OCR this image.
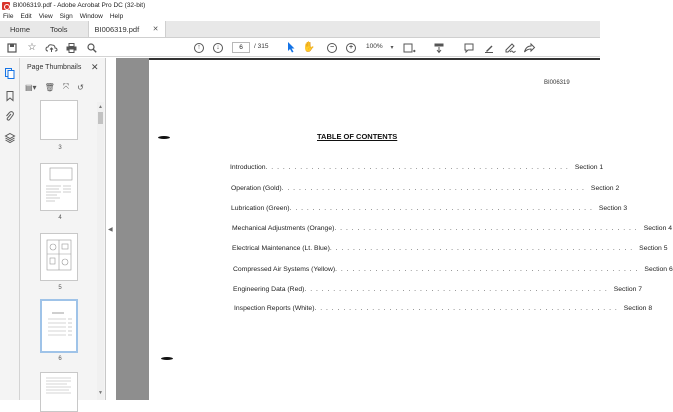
BI006319.pdf - Adobe Acrobat Pro DC (32-bit)
File Edit View Sign Window Help
Home	Tools	BI006319.pdf ✕
☆	↑	↓	6	/ 315	✋	−	+	100%	▾
Page Thumbnails ✕
▤▾ 🗑 ⤧ ↺
3
4
5
6
▲
▼
◀
BI006319
TABLE OF CONTENTS
Introduction . . . . . . . . . . . . . . . . . . . . . . . . . . . . . . . . . . . . . . . . . . . . . . . . . . . . . Section 1
Operation (Gold) . . . . . . . . . . . . . . . . . . . . . . . . . . . . . . . . . . . . . . . . . . . . . . . . . . . . . Section 2
Lubrication (Green) . . . . . . . . . . . . . . . . . . . . . . . . . . . . . . . . . . . . . . . . . . . . . . . . . . . . . Section 3
Mechanical Adjustments (Orange) . . . . . . . . . . . . . . . . . . . . . . . . . . . . . . . . . . . . . . . . . . . . . . . . . . . . . Section 4
Electrical Maintenance (Lt. Blue) . . . . . . . . . . . . . . . . . . . . . . . . . . . . . . . . . . . . . . . . . . . . . . . . . . . . . Section 5
Compressed Air Systems (Yellow) . . . . . . . . . . . . . . . . . . . . . . . . . . . . . . . . . . . . . . . . . . . . . . . . . . . . . Section 6
Engineering Data (Red) . . . . . . . . . . . . . . . . . . . . . . . . . . . . . . . . . . . . . . . . . . . . . . . . . . . . . Section 7
Inspection Reports (White) . . . . . . . . . . . . . . . . . . . . . . . . . . . . . . . . . . . . . . . . . . . . . . . . . . . . . Section 8
